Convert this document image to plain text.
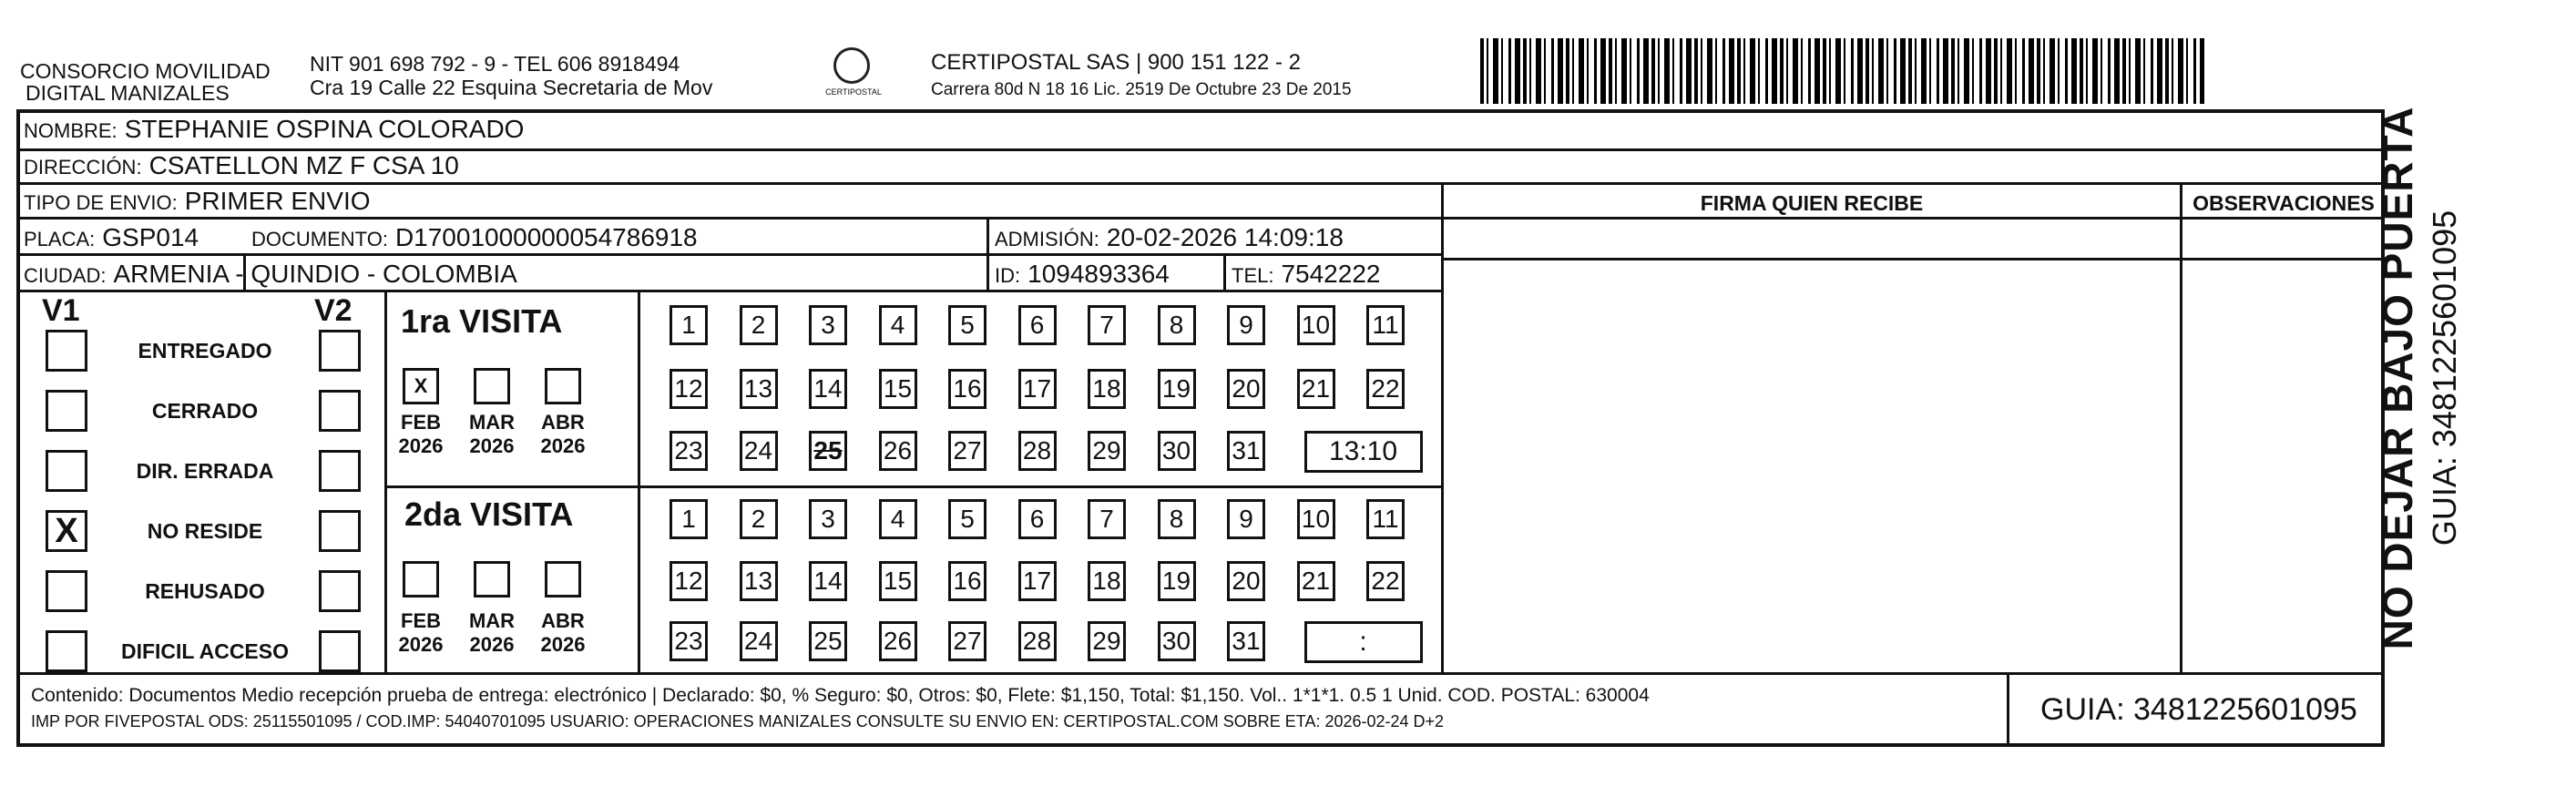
CONSORCIO MOVILIDAD
DIGITAL MANIZALES
NIT 901 698 792 - 9 - TEL 606 8918494
Cra 19 Calle 22 Esquina Secretaria de Mov	CERTIPOSTAL
CERTIPOSTAL SAS | 900 151 122 - 2
Carrera 80d N 18 16 Lic. 2519 De Octubre 23 De 2015
NOMBRE: STEPHANIE OSPINA COLORADO
DIRECCIÓN: CSATELLON MZ F CSA 10
TIPO DE ENVIO: PRIMER ENVIO
PLACA: GSP014	DOCUMENTO: D17001000000054786918	ADMISIÓN: 20-02-2026 14:09:18
CIUDAD: ARMENIA - QUINDIO - COLOMBIA	ID: 1094893364	TEL: 7542222
FIRMA QUIEN RECIBE	OBSERVACIONES
V1	V2
ENTREGADO
CERRADO
DIR. ERRADA
X	NO RESIDE
REHUSADO
DIFICIL ACCESO
1ra VISITA
2da VISITA
X
FEB
2026
MAR
2026
ABR
2026
FEB
2026
MAR
2026
ABR
2026
1	2	3	4	5	6	7	8	9	10 11
12 13 14 15 16 17 18 19 20 21 22
23 24 25 26 27 28 29 30 31	13:10
1	2	3	4	5	6	7	8	9	10 11
12 13 14 15 16 17 18 19 20 21 22
23 24 25 26 27 28 29 30 31	:
Contenido: Documentos Medio recepción prueba de entrega: electrónico | Declarado: $0, % Seguro: $0, Otros: $0, Flete: $1,150, Total: $1,150. Vol.. 1*1*1. 0.5 1 Unid. COD. POSTAL: 630004
IMP POR FIVEPOSTAL ODS: 25115501095 / COD.IMP: 54040701095 USUARIO: OPERACIONES MANIZALES CONSULTE SU ENVIO EN: CERTIPOSTAL.COM SOBRE ETA: 2026-02-24 D+2	GUIA: 3481225601095
NO DEJAR BAJO PUERTA GUIA: 3481225601095
